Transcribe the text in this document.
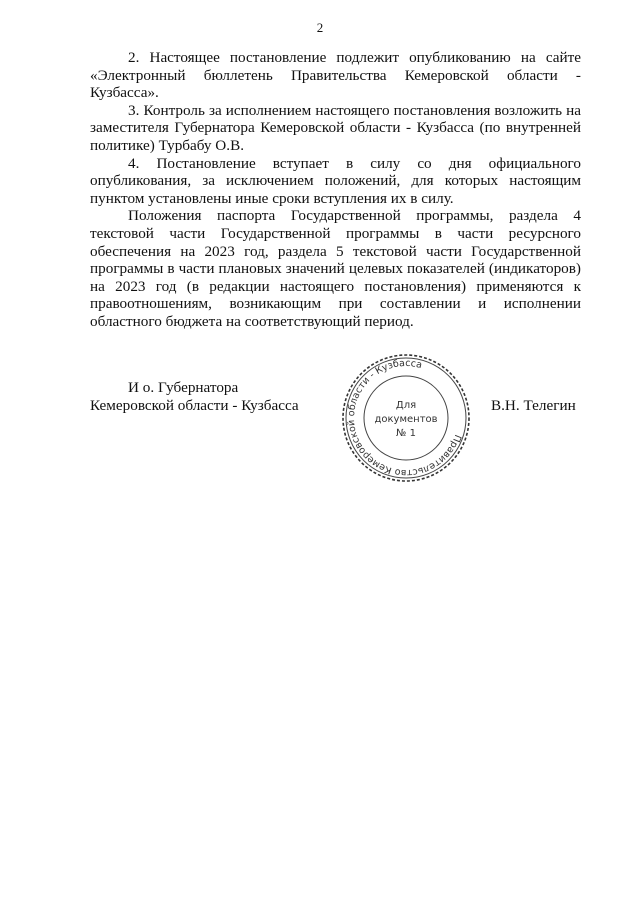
2

2. Настоящее постановление подлежит опубликованию на сайте «Электронный бюллетень Правительства Кемеровской области - Кузбасса».

3. Контроль за исполнением настоящего постановления возложить на заместителя Губернатора Кемеровской области - Кузбасса (по внутренней политике) Турбабу О.В.

4. Постановление вступает в силу со дня официального опубликования, за исключением положений, для которых настоящим пунктом установлены иные сроки вступления их в силу.

Положения паспорта Государственной программы, раздела 4 текстовой части Государственной программы в части ресурсного обеспечения на 2023 год, раздела 5 текстовой части Государственной программы в части плановых значений целевых показателей (индикаторов) на 2023 год (в редакции настоящего постановления) применяются к правоотношениям, возникающим при составлении и исполнении областного бюджета на соответствующий период.

И о. Губернатора
Кемеровской области - Кузбасса	В.Н. Телегин
Правительство Кемеровской области - Кузбасса
Для
документов
№ 1
